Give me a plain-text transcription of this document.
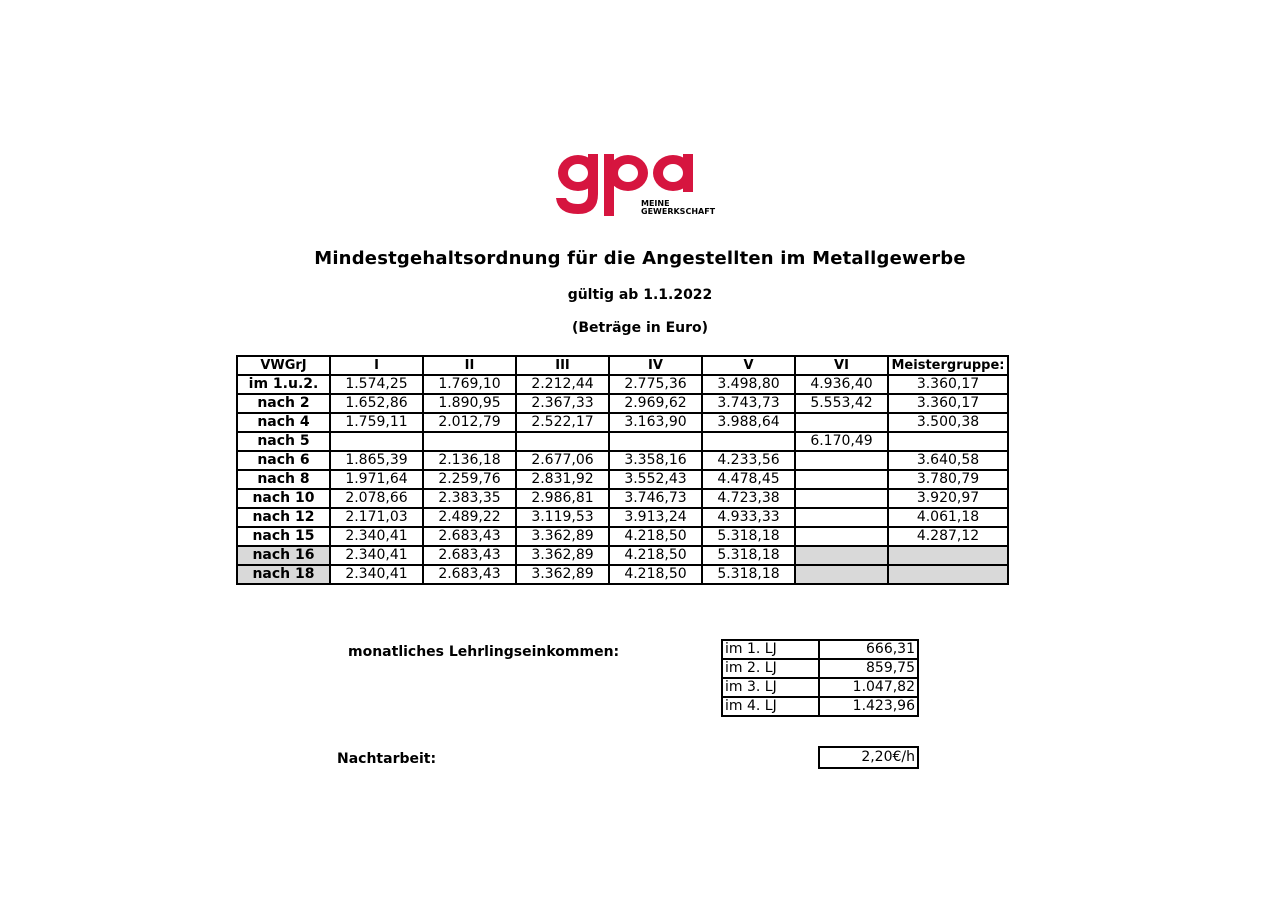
MEINE
GEWERKSCHAFT
Mindestgehaltsordnung für die Angestellten im Metallgewerbe
gültig ab 1.1.2022
(Beträge in Euro)
VWGrJ	I	II	III	IV	V	VI	Meistergruppe:
im 1.u.2.	1.574,25	1.769,10	2.212,44	2.775,36	3.498,80	4.936,40	3.360,17
nach 2	1.652,86	1.890,95	2.367,33	2.969,62	3.743,73	5.553,42	3.360,17
nach 4	1.759,11	2.012,79	2.522,17	3.163,90	3.988,64		3.500,38
nach 5						6.170,49	
nach 6	1.865,39	2.136,18	2.677,06	3.358,16	4.233,56		3.640,58
nach 8	1.971,64	2.259,76	2.831,92	3.552,43	4.478,45		3.780,79
nach 10	2.078,66	2.383,35	2.986,81	3.746,73	4.723,38		3.920,97
nach 12	2.171,03	2.489,22	3.119,53	3.913,24	4.933,33		4.061,18
nach 15	2.340,41	2.683,43	3.362,89	4.218,50	5.318,18		4.287,12
nach 16	2.340,41	2.683,43	3.362,89	4.218,50	5.318,18		
nach 18	2.340,41	2.683,43	3.362,89	4.218,50	5.318,18		
monatliches Lehrlingseinkommen:	im 1. LJ	666,31
im 2. LJ	859,75
im 3. LJ	1.047,82
im 4. LJ	1.423,96
Nachtarbeit:	2,20€/h
